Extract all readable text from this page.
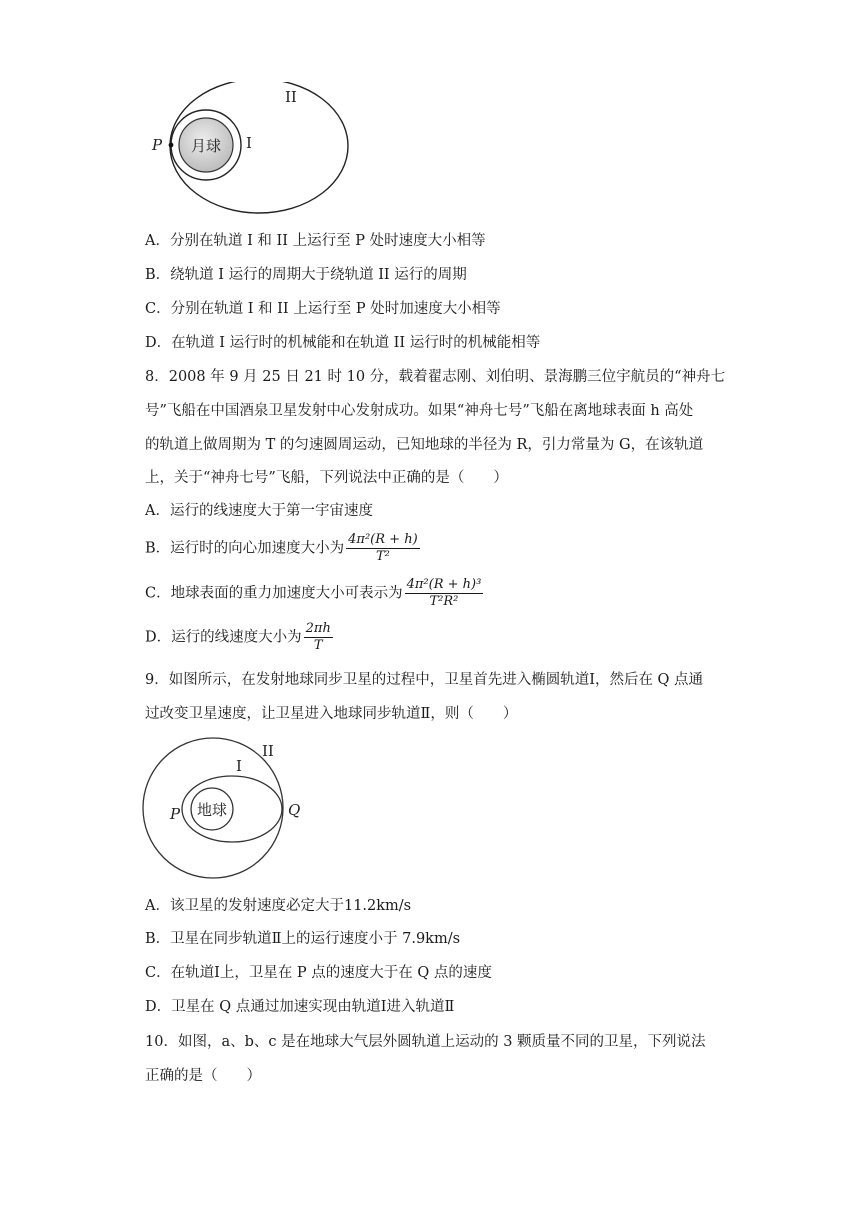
月球
P	I
II
A．分别在轨道 I 和 II 上运行至 P 处时速度大小相等
B．绕轨道 I 运行的周期大于绕轨道 II 运行的周期
C．分别在轨道 I 和 II 上运行至 P 处时加速度大小相等
D．在轨道 I 运行时的机械能和在轨道 II 运行时的机械能相等
8．2008 年 9 月 25 日 21 时 10 分，载着翟志刚、刘伯明、景海鹏三位宇航员的“神舟七
号”飞船在中国酒泉卫星发射中心发射成功。如果“神舟七号”飞船在离地球表面 h 高处
的轨道上做周期为 T 的匀速圆周运动，已知地球的半径为 R，引力常量为 G，在该轨道
上，关于“神舟七号”飞船，下列说法中正确的是（　　）
A．运行的线速度大于第一宇宙速度
B．运行时的向心加速度大小为 $\frac{\text{4π²(R + h)}}{\text{T²}}$
C．地球表面的重力加速度大小可表示为 $\frac{\text{4π²(R + h)³}}{\text{T²R²}}$
D．运行的线速度大小为 $\frac{2\pi h}{T}$
9．如图所示，在发射地球同步卫星的过程中，卫星首先进入椭圆轨道Ⅰ，然后在 Q 点通
过改变卫星速度，让卫星进入地球同步轨道Ⅱ，则（　　）
地球
P	Q
I
II
A．该卫星的发射速度必定大于11.2km/s
B．卫星在同步轨道Ⅱ上的运行速度小于 7.9km/s
C．在轨道Ⅰ上，卫星在 P 点的速度大于在 Q 点的速度
D．卫星在 Q 点通过加速实现由轨道Ⅰ进入轨道Ⅱ
10．如图，a、b、c 是在地球大气层外圆轨道上运动的 3 颗质量不同的卫星，下列说法
正确的是（　　）
